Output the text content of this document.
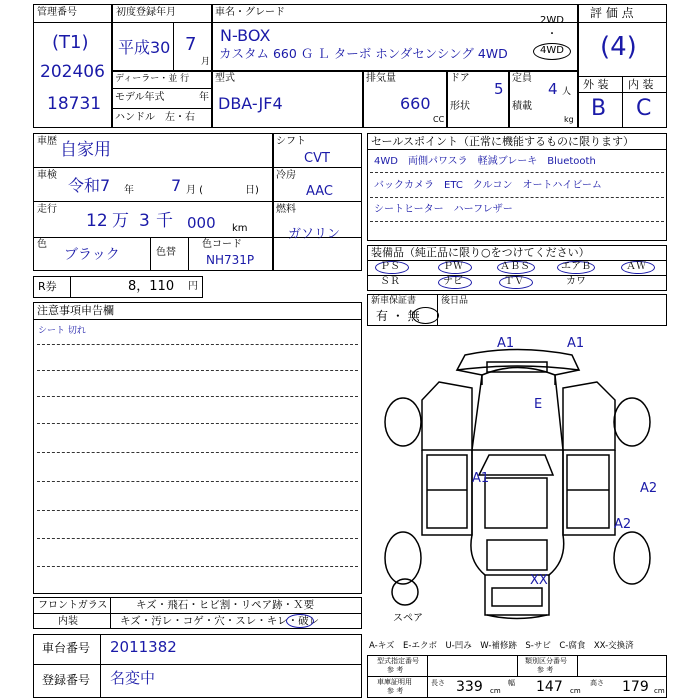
管理番号
(T1)
202406
18731
初度登録年月
平成30 7
月
ディーラー・並 行
モデル年式	年
ハンドル　左・右
車名・グレード
N-BOX
カスタム 660 Ｇ Ｌ ターボ ホンダセンシング 4WD
2WD
・
4WD
型式
DBA-JF4
排気量
660
CC
ドア
5
形状
定員
4 人
積載
kg
評 価 点
(4)
外 装 内 装
B C
車歴 自家用
車検
令和7 年 7 月 (	日)
走行
12 万 3 千 000 km
色
ブラック	色替
色コード
NH731P
シフト
CVT
冷房
AAC
燃料
ガソリン
R券	8，110 円
セールスポイント（正常に機能するものに限ります）
4WD　両側パワスラ　軽減ブレーキ　Bluetooth
バックカメラ　ETC　クルコン　オートハイビーム
シートヒーター　ハーフレザー
装備品（純正品に限り○をつけてください）
ＰＳ	ＰＷ	ＡＢＳ	エアＢ	ＡＷ
ＳＲ	ナビ	ＴＶ	カワ
新車保証書	後日品
有 ・ 無
注意事項申告欄
シート 切れ
A1	A1
E
A1
A2
A2
XX
スペア
フロントガラス	キズ・飛石・ヒビ割・リペア跡・Ｘ要
内装	キズ・汚レ・コゲ・穴・スレ・キレ・破レ
車台番号 2011382
登録番号 名変中
A-キズ　E-エクボ　U-凹み　W-補修跡　S-サビ　C-腐食　XX-交換済
型式指定番号
参 考
類別区分番号
参 考
車庫証明用
参 考
長さ 339 cm
幅 147 cm
高さ 179 cm
